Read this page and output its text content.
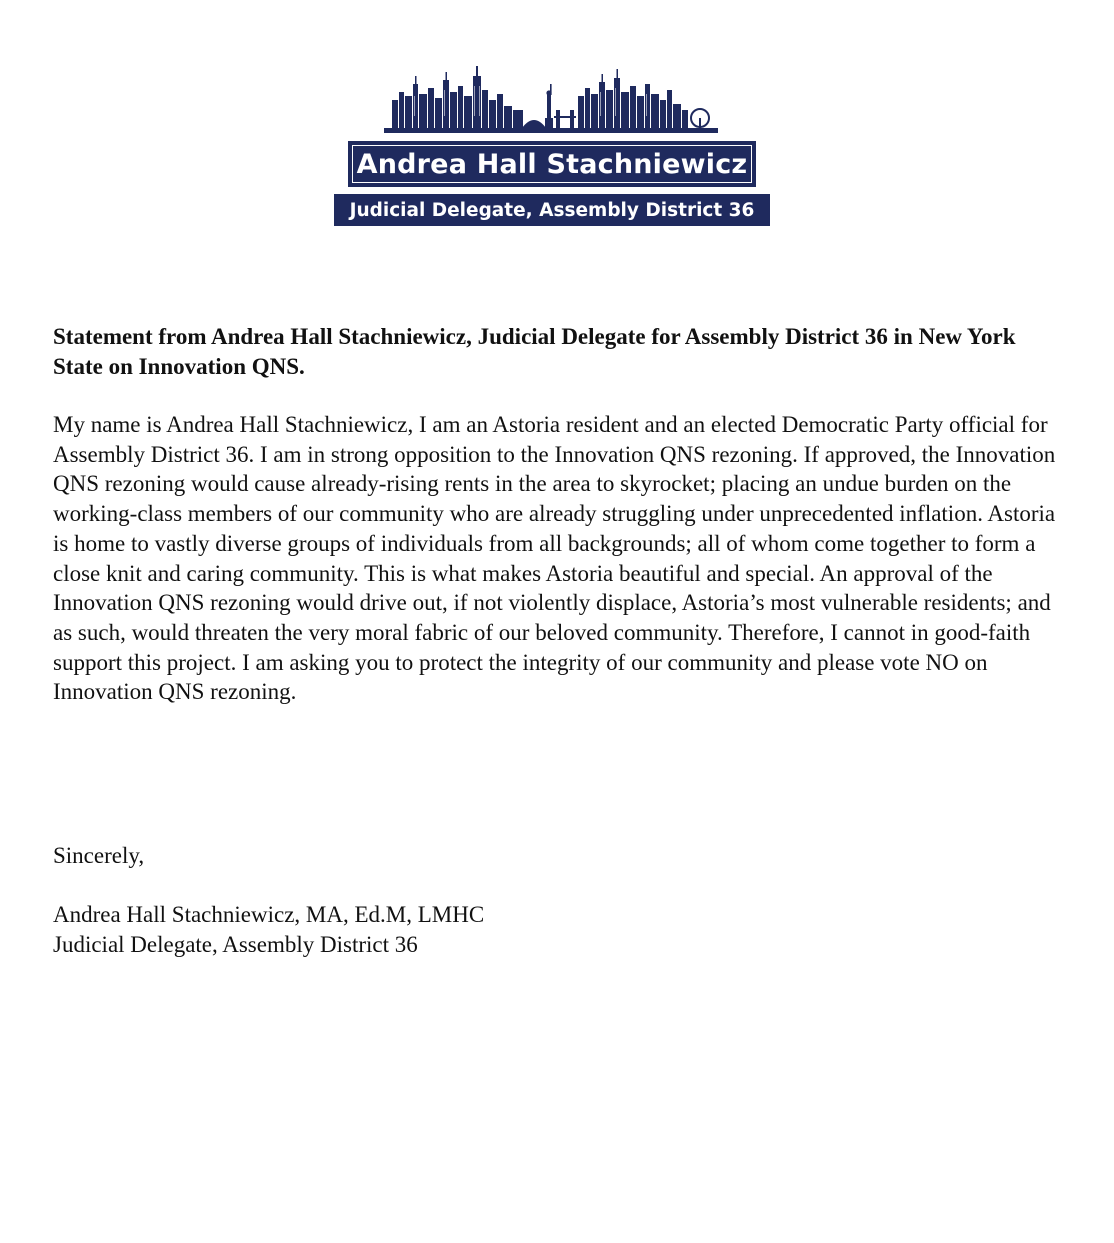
Andrea Hall Stachniewicz
Judicial Delegate, Assembly District 36

Statement from Andrea Hall Stachniewicz, Judicial Delegate for Assembly District 36 in New York State on Innovation QNS.

My name is Andrea Hall Stachniewicz, I am an Astoria resident and an elected Democratic Party official for Assembly District 36. I am in strong opposition to the Innovation QNS rezoning. If approved, the Innovation QNS rezoning would cause already-rising rents in the area to skyrocket; placing an undue burden on the working-class members of our community who are already struggling under unprecedented inflation. Astoria is home to vastly diverse groups of individuals from all backgrounds; all of whom come together to form a close knit and caring community. This is what makes Astoria beautiful and special. An approval of the Innovation QNS rezoning would drive out, if not violently displace, Astoria’s most vulnerable residents; and as such, would threaten the very moral fabric of our beloved community. Therefore, I cannot in good-faith support this project. I am asking you to protect the integrity of our community and please vote NO on Innovation QNS rezoning.

Sincerely,

Andrea Hall Stachniewicz, MA, Ed.M, LMHC
Judicial Delegate, Assembly District 36
